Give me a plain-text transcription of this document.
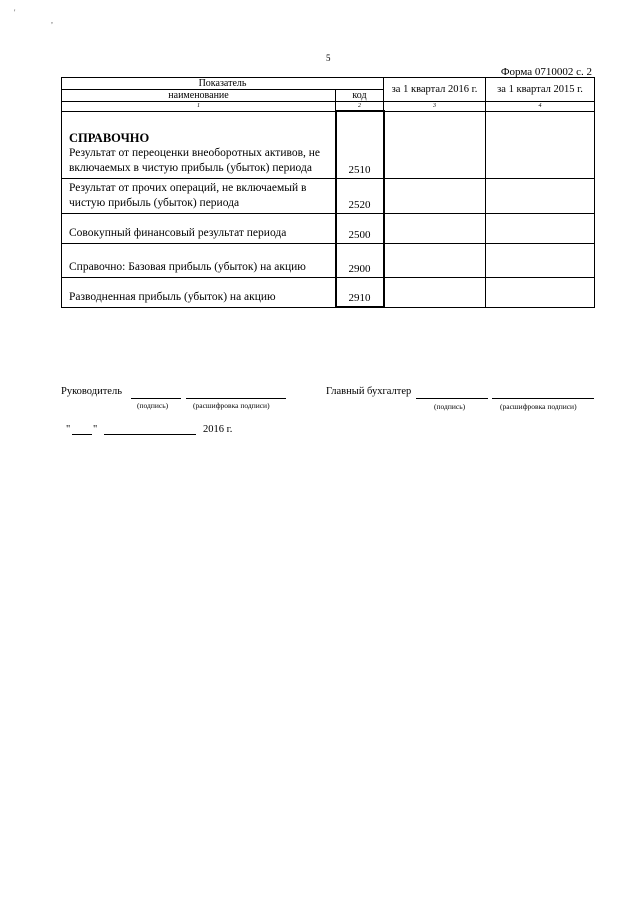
'
,
5
Форма 0710002 с. 2
Показатель		за 1 квартал 2016 г.	за 1 квартал 2015 г.
наименование	код		
1	2	3	4

СПРАВОЧНО
Результат от переоценки внеоборотных активов, не включаемых в чистую прибыль (убыток) периода	2510		
Результат от прочих операций, не включаемый в чистую прибыль (убыток) периода	2520		
Совокупный финансовый результат периода	2500		
Справочно: Базовая прибыль (убыток) на акцию	2900		
Разводненная прибыль (убыток) на акцию	2910		
Руководитель
(подпись)	(расшифровка подписи)
Главный бухгалтер
(подпись)	(расшифровка подписи)
" "	2016 г.
